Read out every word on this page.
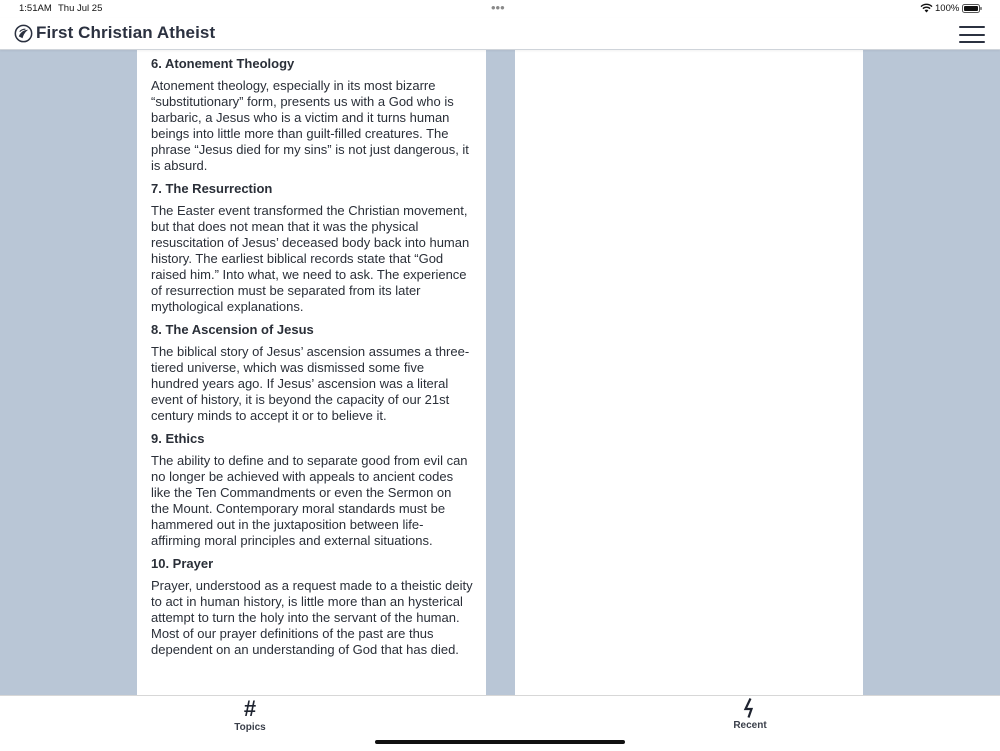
1:51AM Thu Jul 25	•••	100%
First Christian Atheist
6. Atonement Theology
Atonement theology, especially in its most bizarre “substitutionary” form, presents us with a God who is barbaric, a Jesus who is a victim and it turns human beings into little more than guilt-filled creatures. The phrase “Jesus died for my sins” is not just dangerous, it is absurd.
7. The Resurrection
The Easter event transformed the Christian movement, but that does not mean that it was the physical resuscitation of Jesus’ deceased body back into human history. The earliest biblical records state that “God raised him.” Into what, we need to ask. The experience of resurrection must be separated from its later mythological explanations.
8. The Ascension of Jesus
The biblical story of Jesus’ ascension assumes a three-tiered universe, which was dismissed some five hundred years ago. If Jesus’ ascension was a literal event of history, it is beyond the capacity of our 21st century minds to accept it or to believe it.
9. Ethics
The ability to define and to separate good from evil can no longer be achieved with appeals to ancient codes like the Ten Commandments or even the Sermon on the Mount. Contemporary moral standards must be hammered out in the juxtaposition between life-affirming moral principles and external situations.
10. Prayer
Prayer, understood as a request made to a theistic deity to act in human history, is little more than an hysterical attempt to turn the holy into the servant of the human. Most of our prayer definitions of the past are thus dependent on an understanding of God that has died.
#
Topics	Recent
